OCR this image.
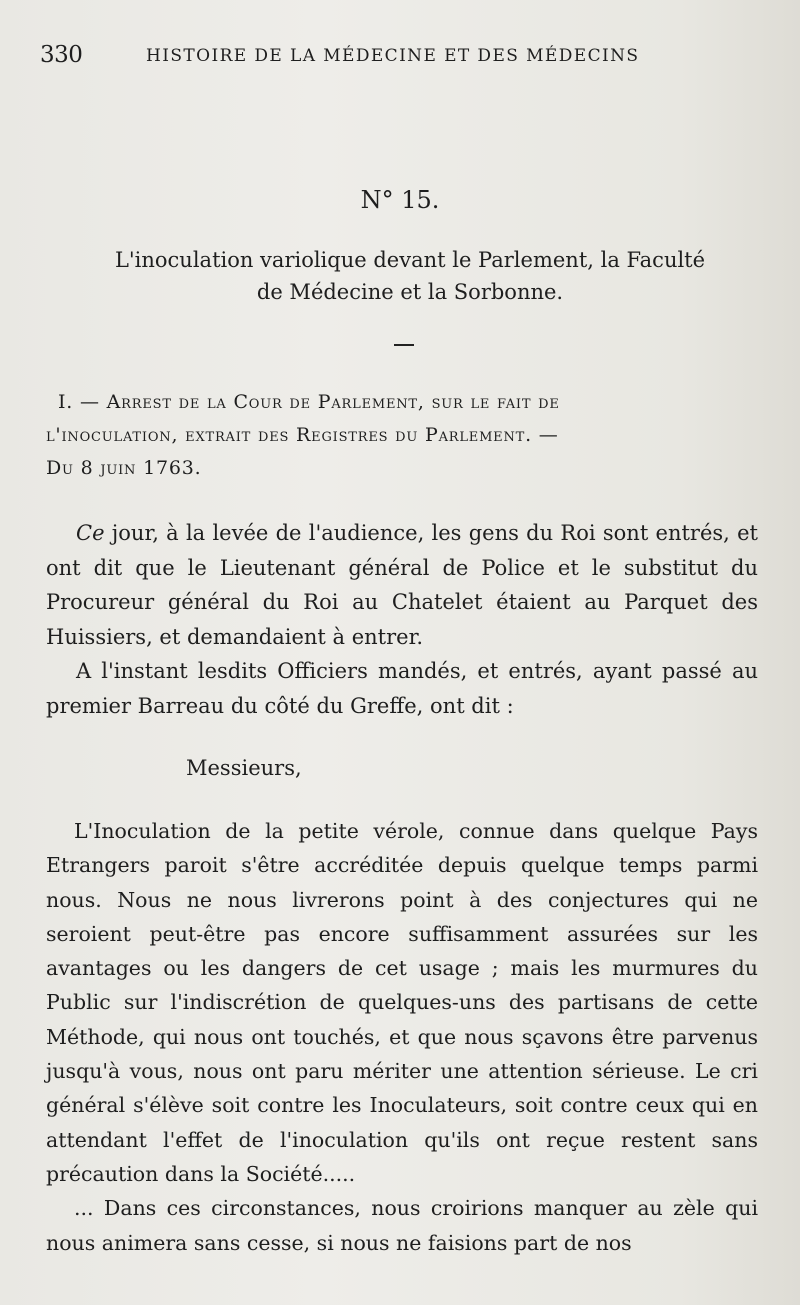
330	HISTOIRE DE LA MÉDECINE ET DES MÉDECINS
N° 15.
L'inoculation variolique devant le Parlement, la Faculté
de Médecine et la Sorbonne.
I. — Arrest de la Cour de Parlement, sur le fait de
l'inoculation, extrait des Registres du Parlement. —
Du 8 juin 1763.

Ce jour, à la levée de l'audience, les gens du Roi sont entrés, et ont dit que le Lieutenant général de Police et le substitut du Procureur général du Roi au Chatelet étaient au Parquet des Huissiers, et demandaient à entrer.

A l'instant lesdits Officiers mandés, et entrés, ayant passé au premier Barreau du côté du Greffe, ont dit :

Messieurs,

L'Inoculation de la petite vérole, connue dans quelque Pays Etrangers paroit s'être accréditée depuis quelque temps parmi nous. Nous ne nous livrerons point à des conjectures qui ne seroient peut-être pas encore suffisamment assurées sur les avantages ou les dangers de cet usage ; mais les murmures du Public sur l'indiscrétion de quelques-uns des partisans de cette Méthode, qui nous ont touchés, et que nous sçavons être parvenus jusqu'à vous, nous ont paru mériter une attention sérieuse. Le cri général s'élève soit contre les Inoculateurs, soit contre ceux qui en attendant l'effet de l'inoculation qu'ils ont reçue restent sans précaution dans la Société.....

... Dans ces circonstances, nous croirions manquer au zèle qui nous animera sans cesse, si nous ne faisions part de nos
